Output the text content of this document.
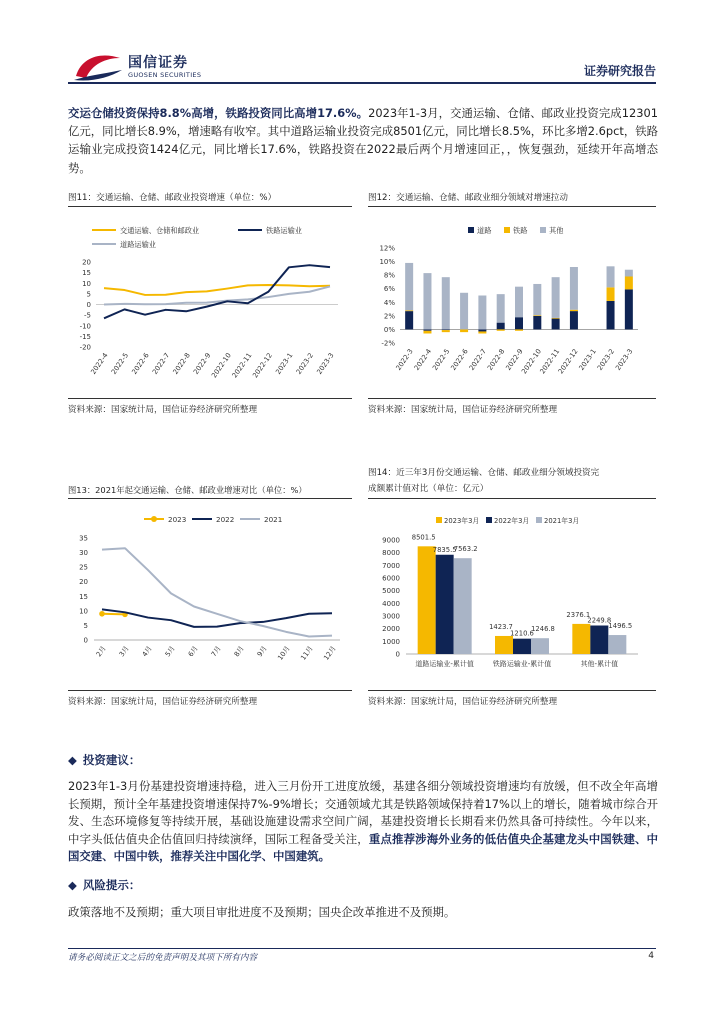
国信证券
GUOSEN SECURITIES	证券研究报告
交运仓储投资保持8.8%高增，铁路投资同比高增17.6%。2023年1-3月，交通运输、仓储、邮政业投资完成12301亿元，同比增长8.9%，增速略有收窄。其中道路运输业投资完成8501亿元，同比增长8.5%，环比多增2.6pct，铁路运输业完成投资1424亿元，同比增长17.6%，铁路投资在2022最后两个月增速回正，，恢复强劲，延续开年高增态势。
图11：交通运输、仓储、邮政业投资增速（单位：%）
交通运输、仓储和邮政业	铁路运输业
道路运输业
20
15
10
5
0
-5
-10
-15
-20
2022-4 2022-5 2022-6 2022-7 2022-8 2022-9
2022-10
2022-11
2022-12 2023-1 2023-2 2023-3
资料来源：国家统计局，国信证券经济研究所整理
图12：交通运输、仓储、邮政业细分领域对增速拉动
道路	铁路	其他
12%
10%
8%
6%
4%
2%
0%
-2%
2022-3
2022-4
2022-5
2022-6
2022-7
2022-8
2022-9
2022-10
2022-11
2022-12
2023-1
2023-2
2023-3
资料来源：国家统计局，国信证券经济研究所整理
图13：2021年起交通运输、仓储、邮政业增速对比（单位：%）
2023	2022	2021
35
30
25
20
15
10
5
0
2月 3月 4月 5月 6月 7月 8月 9月 10月 11月 12月
资料来源：国家统计局，国信证券经济研究所整理
图14：近三年3月份交通运输、仓储、邮政业细分领域投资完
成额累计值对比（单位：亿元）
2023年3月 2022年3月 2021年3月
9000
8000
7000
6000
5000
4000
3000
2000
1000
0
8501.5
7835.5
7563.2
道路运输业-累计值
1423.7
1210.6
1246.8
铁路运输业-累计值
2376.1
2249.8
1496.5
其他-累计值
资料来源：国家统计局，国信证券经济研究所整理
◆ 投资建议：
2023年1-3月份基建投资增速持稳，进入三月份开工进度放缓，基建各细分领域投资增速均有放缓，但不改全年高增长预期，预计全年基建投资增速保持7%-9%增长；交通领域尤其是铁路领域保持着17%以上的增长，随着城市综合开发、生态环境修复等持续开展，基础设施建设需求空间广阔，基建投资增长长期看来仍然具备可持续性。今年以来，中字头低估值央企估值回归持续演绎，国际工程备受关注，重点推荐涉海外业务的低估值央企基建龙头中国铁建、中国交建、中国中铁，推荐关注中国化学、中国建筑。
◆ 风险提示：
政策落地不及预期；重大项目审批进度不及预期；国央企改革推进不及预期。
请务必阅读正文之后的免责声明及其项下所有内容	4
